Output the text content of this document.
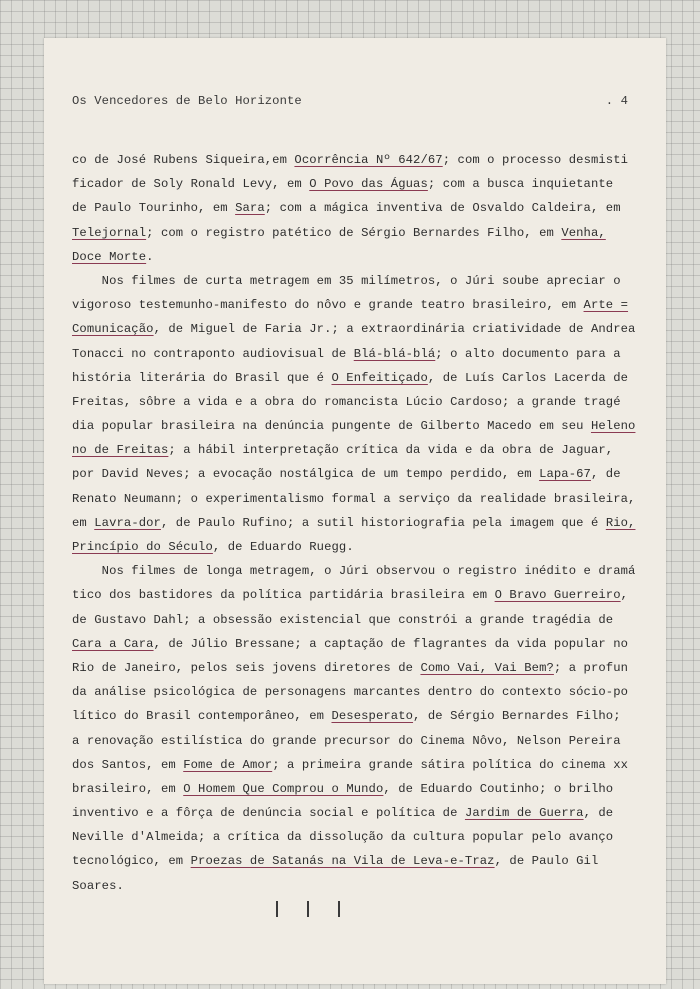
Os Vencedores de Belo Horizonte	. 4
co de José Rubens Siqueira,em Ocorrência Nº 642/67; com o processo desmisti
ficador de Soly Ronald Levy, em O Povo das Águas; com a busca inquietante
de Paulo Tourinho, em Sara; com a mágica inventiva de Osvaldo Caldeira, em
Telejornal; com o registro patético de Sérgio Bernardes Filho, em Venha,
Doce Morte.
Nos filmes de curta metragem em 35 milímetros, o Júri soube apreciar o
vigoroso testemunho-manifesto do nôvo e grande teatro brasileiro, em Arte =
Comunicação, de Miguel de Faria Jr.; a extraordinária criatividade de Andrea
Tonacci no contraponto audiovisual de Blá-blá-blá; o alto documento para a
história literária do Brasil que é O Enfeitiçado, de Luís Carlos Lacerda de
Freitas, sôbre a vida e a obra do romancista Lúcio Cardoso; a grande tragé
dia popular brasileira na denúncia pungente de Gilberto Macedo em seu Heleno
no de Freitas; a hábil interpretação crítica da vida e da obra de Jaguar,
por David Neves; a evocação nostálgica de um tempo perdido, em Lapa-67, de
Renato Neumann; o experimentalismo formal a serviço da realidade brasileira,
em Lavra-dor, de Paulo Rufino; a sutil historiografia pela imagem que é Rio,
Princípio do Século, de Eduardo Ruegg.
Nos filmes de longa metragem, o Júri observou o registro inédito e dramá
tico dos bastidores da política partidária brasileira em O Bravo Guerreiro,
de Gustavo Dahl; a obsessão existencial que constrói a grande tragédia de
Cara a Cara, de Júlio Bressane; a captação de flagrantes da vida popular no
Rio de Janeiro, pelos seis jovens diretores de Como Vai, Vai Bem?; a profun
da análise psicológica de personagens marcantes dentro do contexto sócio-po
lítico do Brasil contemporâneo, em Desesperato, de Sérgio Bernardes Filho;
a renovação estilística do grande precursor do Cinema Nôvo, Nelson Pereira
dos Santos, em Fome de Amor; a primeira grande sátira política do cinema xx
brasileiro, em O Homem Que Comprou o Mundo, de Eduardo Coutinho; o brilho
inventivo e a fôrça de denúncia social e política de Jardim de Guerra, de
Neville d'Almeida; a crítica da dissolução da cultura popular pelo avanço
tecnológico, em Proezas de Satanás na Vila de Leva-e-Traz, de Paulo Gil
Soares.
